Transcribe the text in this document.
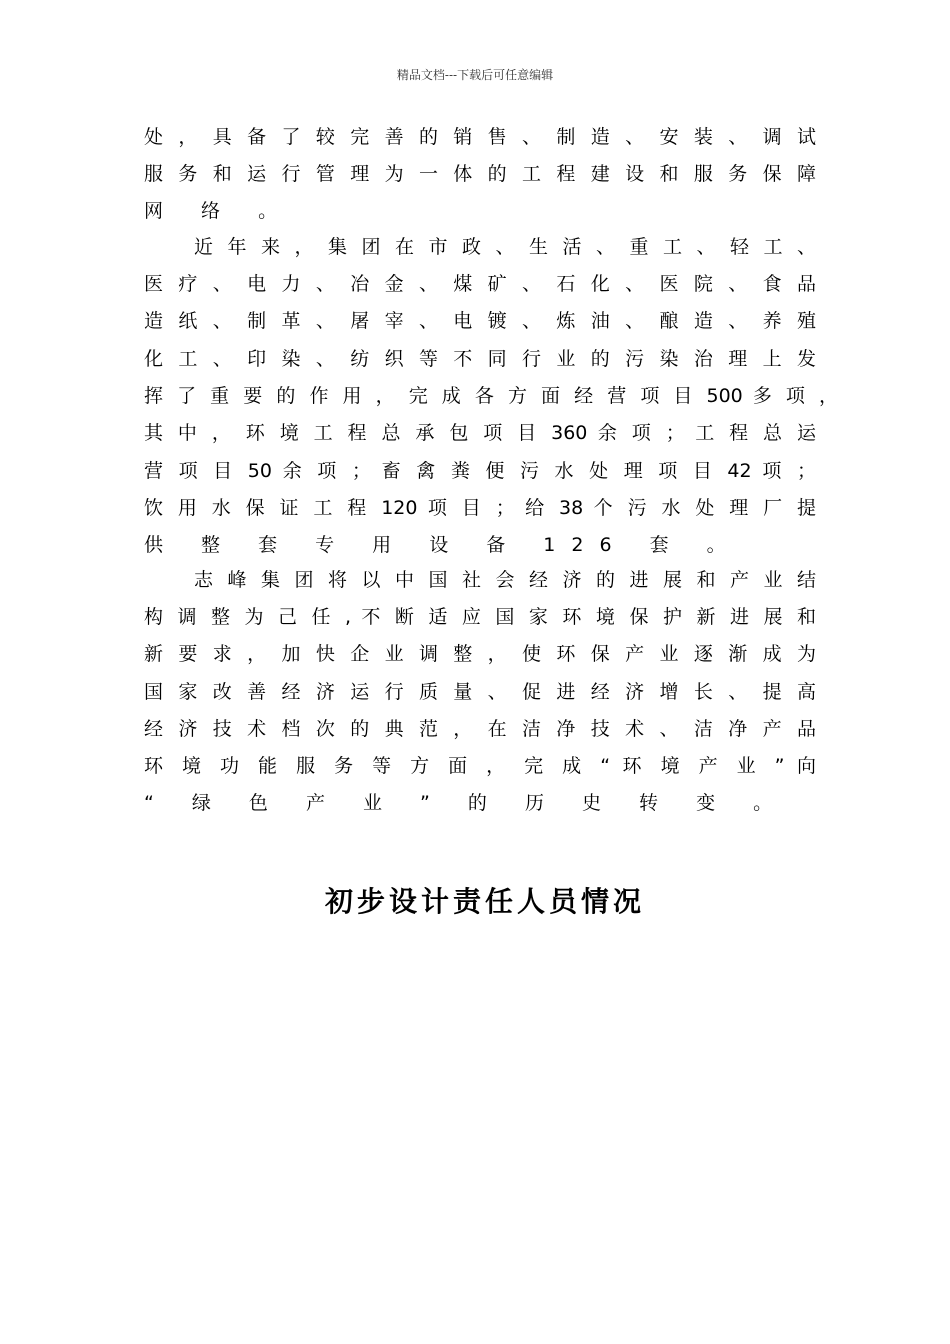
精品文档---下载后可任意编辑
处 ， 具 备 了 较 完 善 的 销 售 、 制 造 、 安 装 、 调 试
服 务 和 运 行 管 理 为 一 体 的 工 程 建 设 和 服 务 保 障
网 络 。
近 年 来 ， 集 团 在 市 政 、 生 活 、 重 工 、 轻 工 、
医 疗 、 电 力 、 冶 金 、 煤 矿 、 石 化 、 医 院 、 食 品
造 纸 、 制 革 、 屠 宰 、 电 镀 、 炼 油 、 酿 造 、 养 殖
化 工 、 印 染 、 纺 织 等 不 同 行 业 的 污 染 治 理 上 发
挥 了 重 要 的 作 用 ， 完 成 各 方 面 经 营 项 目 500 多 项 ，
其 中 ， 环 境 工 程 总 承 包 项 目 360 余 项 ； 工 程 总 运
营 项 目 50 余 项 ； 畜 禽 粪 便 污 水 处 理 项 目 42 项 ；
饮 用 水 保 证 工 程 120 项 目 ； 给 38 个 污 水 处 理 厂 提
供 整 套 专 用 设 备 126 套 。
志 峰 集 团 将 以 中 国 社 会 经 济 的 进 展 和 产 业 结
构 调 整 为 己 任 , 不 断 适 应 国 家 环 境 保 护 新 进 展 和
新 要 求 ， 加 快 企 业 调 整 ， 使 环 保 产 业 逐 渐 成 为
国 家 改 善 经 济 运 行 质 量 、 促 进 经 济 增 长 、 提 高
经 济 技 术 档 次 的 典 范 ， 在 洁 净 技 术 、 洁 净 产 品
环 境 功 能 服 务 等 方 面 ， 完 成 “ 环 境 产 业 ” 向
“ 绿 色 产 业 ” 的 历 史 转 变 。
初步设计责任人员情况
